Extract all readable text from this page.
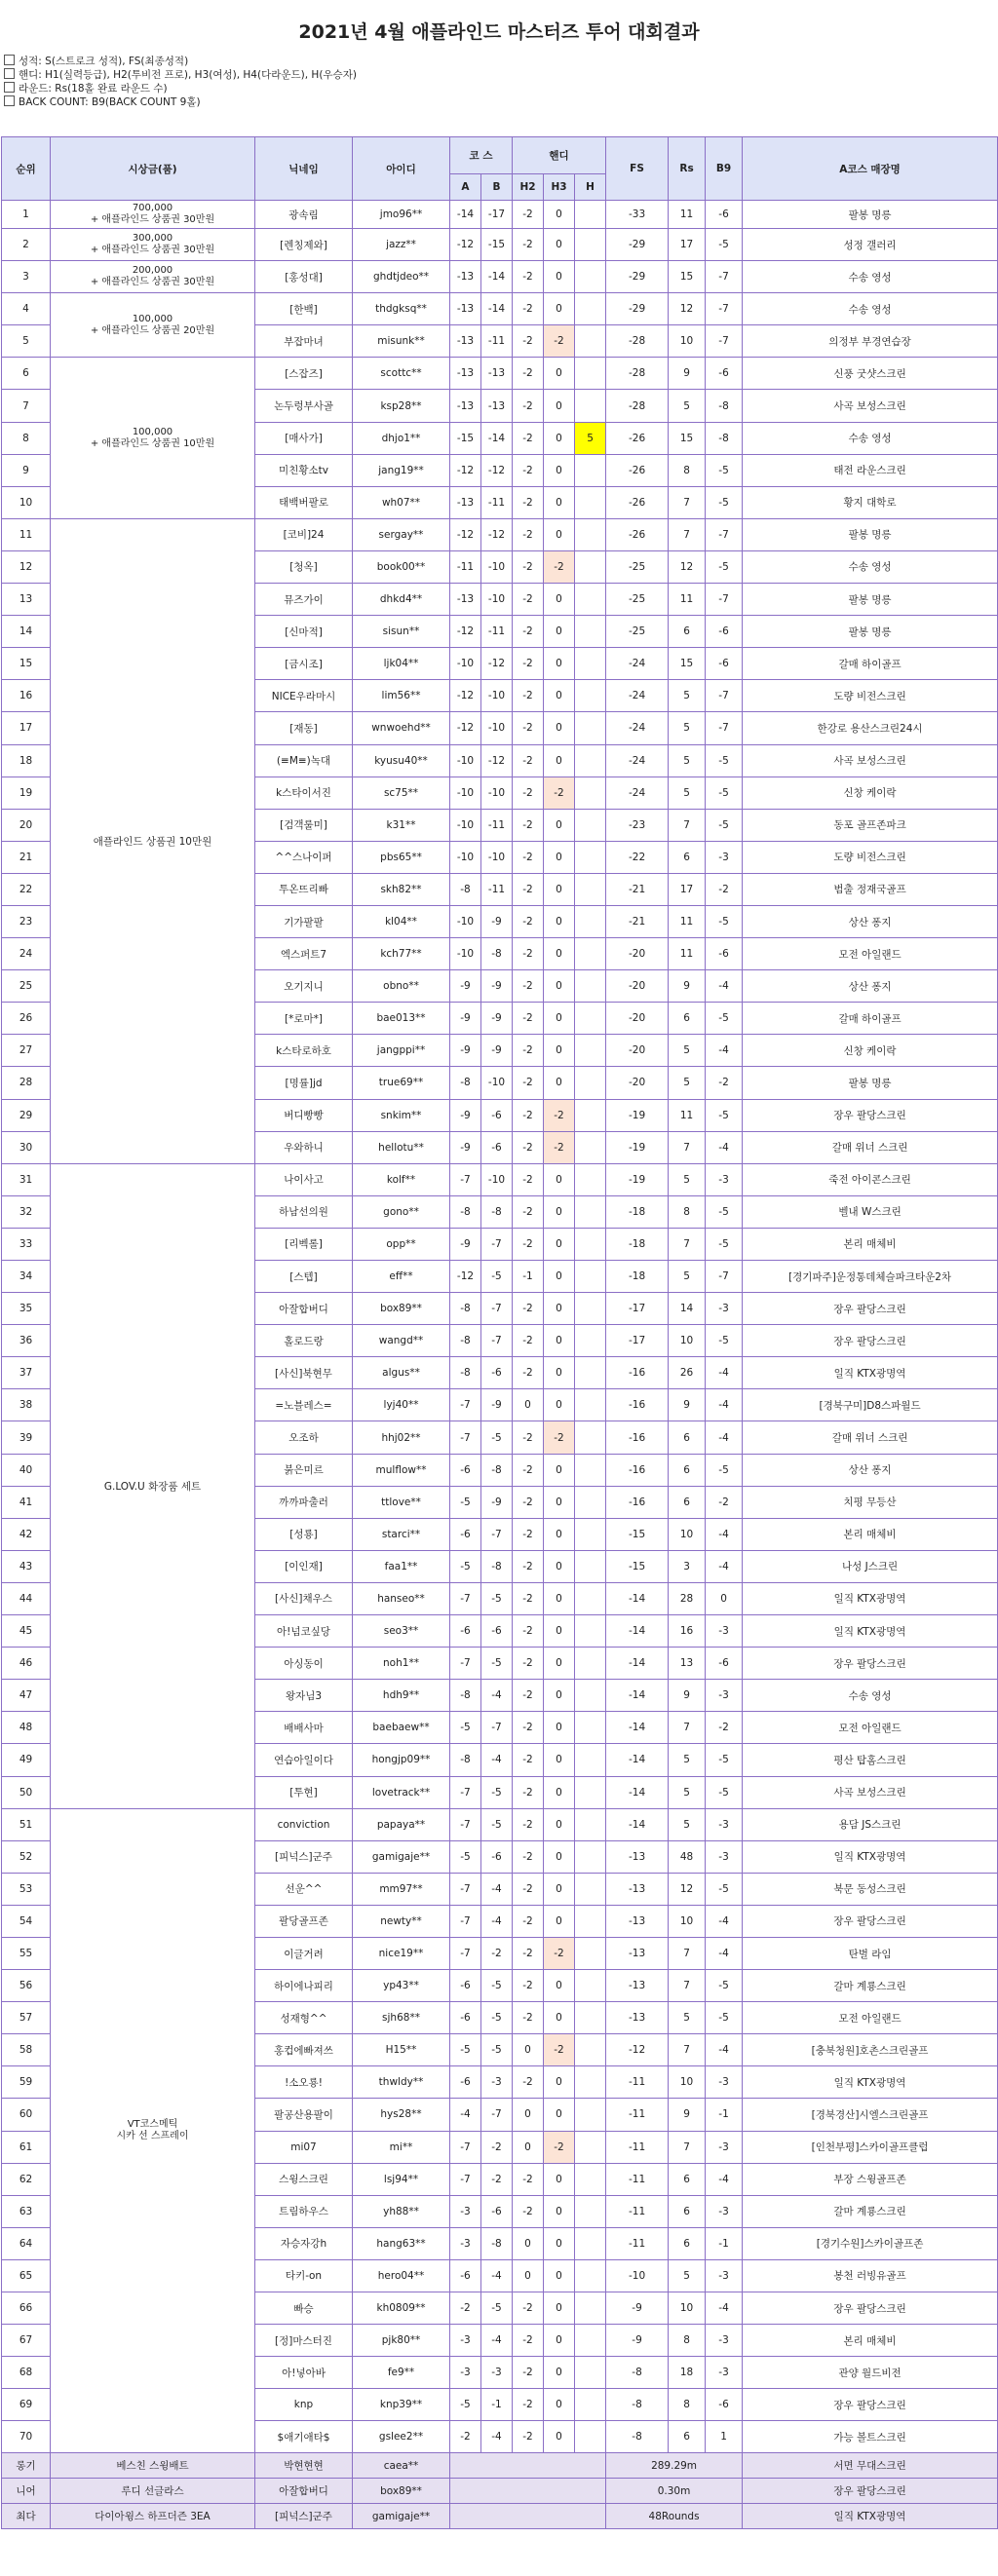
2021년 4월 애플라인드 마스터즈 투어 대회결과
성적: S(스트로크 성적), FS(최종성적)
핸디: H1(실력등급), H2(투비전 프로), H3(여성), H4(다라운드), H(우승자)
라운드: Rs(18홀 완료 라운드 수)
BACK COUNT: B9(BACK COUNT 9홀)
순위	시상금(품)	닉네임	아이디	코 스		핸디			FS	Rs	B9	A코스 매장명
				A	B	H2	H3	H				
1	700,000
+ 애플라인드 상품권 30만원	광속림	jmo96**	-14	-17	-2	0		-33	11	-6	팔봉 명릉
2	300,000
+ 애플라인드 상품권 30만원	[렌칭제와]	jazz**	-12	-15	-2	0		-29	17	-5	성정 갤러리
3	200,000
+ 애플라인드 상품권 30만원	[홍성대]	ghdtjdeo**	-13	-14	-2	0		-29	15	-7	수송 영성
4	100,000
+ 애플라인드 상품권 20만원	[한백]	thdgksq**	-13	-14	-2	0		-29	12	-7	수송 영성
5		부잡마녀	misunk**	-13	-11	-2	-2		-28	10	-7	의정부 부경연습장
6	100,000
+ 애플라인드 상품권 10만원	[스잡즈]	scottc**	-13	-13	-2	0		-28	9	-6	신풍 굿샷스크린
7		논두렁부사골	ksp28**	-13	-13	-2	0		-28	5	-8	사곡 보성스크린
8		[매사가]	dhjo1**	-15	-14	-2	0	5	-26	15	-8	수송 영성
9		미친황소tv	jang19**	-12	-12	-2	0		-26	8	-5	태전 라운스크린
10		태백버팔로	wh07**	-13	-11	-2	0		-26	7	-5	황지 대학로
11	애플라인드 상품권 10만원	[코비]24	sergay**	-12	-12	-2	0		-26	7	-7	팔봉 명릉
12		[청옥]	book00**	-11	-10	-2	-2		-25	12	-5	수송 영성
13		뮤즈가이	dhkd4**	-13	-10	-2	0		-25	11	-7	팔봉 명릉
14		[신마적]	sisun**	-12	-11	-2	0		-25	6	-6	팔봉 명릉
15		[금시조]	ljk04**	-10	-12	-2	0		-24	15	-6	갈매 하이골프
16		NICE우라마시	lim56**	-12	-10	-2	0		-24	5	-7	도량 비전스크린
17		[재동]	wnwoehd**	-12	-10	-2	0		-24	5	-7	한강로 용산스크린24시
18		(≡M≡)녹대	kyusu40**	-10	-12	-2	0		-24	5	-5	사곡 보성스크린
19		k스타이서진	sc75**	-10	-10	-2	-2		-24	5	-5	신창 케이락
20		[검객룰미]	k31**	-10	-11	-2	0		-23	7	-5	동포 골프존파크
21		^^스나이퍼	pbs65**	-10	-10	-2	0		-22	6	-3	도량 비전스크린
22		투온뜨리빠	skh82**	-8	-11	-2	0		-21	17	-2	범출 정재국골프
23		기가팔팔	kl04**	-10	-9	-2	0		-21	11	-5	상산 퐁지
24		엑스퍼트7	kch77**	-10	-8	-2	0		-20	11	-6	모전 아일랜드
25		오기지니	obno**	-9	-9	-2	0		-20	9	-4	상산 퐁지
26		[*로마*]	bae013**	-9	-9	-2	0		-20	6	-5	갈매 하이골프
27		k스타로하호	jangppi**	-9	-9	-2	0		-20	5	-4	신창 케이락
28		[명률]jd	true69**	-8	-10	-2	0		-20	5	-2	팔봉 명릉
29		버디빵빵	snkim**	-9	-6	-2	-2		-19	11	-5	장우 팔당스크린
30		우와하니	hellotu**	-9	-6	-2	-2		-19	7	-4	갈매 위너 스크린
31	G.LOV.U 화장품 세트	나이사고	kolf**	-7	-10	-2	0		-19	5	-3	죽전 아이콘스크린
32		하남선의원	gono**	-8	-8	-2	0		-18	8	-5	벨내 W스크린
33		[리벡롤]	opp**	-9	-7	-2	0		-18	7	-5	본리 매체비
34		[스텝]	eff**	-12	-5	-1	0		-18	5	-7	[경기파주]운정통데체슬파크타운2차
35		아잘합버디	box89**	-8	-7	-2	0		-17	14	-3	장우 팔당스크린
36		홀로드랑	wangd**	-8	-7	-2	0		-17	10	-5	장우 팔당스크린
37		[사신]북현무	algus**	-8	-6	-2	0		-16	26	-4	일직 KTX광명역
38		=노블레스=	lyj40**	-7	-9	0	0		-16	9	-4	[경북구미]D8스파월드
39		오조하	hhj02**	-7	-5	-2	-2		-16	6	-4	갈매 위너 스크린
40		붉은미르	mulflow**	-6	-8	-2	0		-16	6	-5	상산 퐁지
41		까까파출러	ttlove**	-5	-9	-2	0		-16	6	-2	치평 무등산
42		[성룡]	starci**	-6	-7	-2	0		-15	10	-4	본리 매체비
43		[이인재]	faa1**	-5	-8	-2	0		-15	3	-4	나성 J스크린
44		[사신]채우스	hanseo**	-7	-5	-2	0		-14	28	0	일직 KTX광명역
45		아!넘코싶당	seo3**	-6	-6	-2	0		-14	16	-3	일직 KTX광명역
46		아싱동이	noh1**	-7	-5	-2	0		-14	13	-6	장우 팔당스크린
47		왕자님3	hdh9**	-8	-4	-2	0		-14	9	-3	수송 영성
48		배배사마	baebaew**	-5	-7	-2	0		-14	7	-2	모전 아일랜드
49		연습아일이다	hongjp09**	-8	-4	-2	0		-14	5	-5	평산 탑홈스크린
50		[투현]	lovetrack**	-7	-5	-2	0		-14	5	-5	사곡 보성스크린
51	VT코스메틱
시카 선 스프레이	conviction	papaya**	-7	-5	-2	0		-14	5	-3	용담 JS스크린
52		[피넉스]군주	gamigaje**	-5	-6	-2	0		-13	48	-3	일직 KTX광명역
53		선운^^	mm97**	-7	-4	-2	0		-13	12	-5	북문 동성스크린
54		팔당골프존	newty**	-7	-4	-2	0		-13	10	-4	장우 팔당스크린
55		이글거려	nice19**	-7	-2	-2	-2		-13	7	-4	탄벌 라임
56		하이에나피리	yp43**	-6	-5	-2	0		-13	7	-5	갈마 계룡스크린
57		성재형^^	sjh68**	-6	-5	-2	0		-13	5	-5	모전 아일랜드
58		홍컵에빠져쓰	H15**	-5	-5	0	-2		-12	7	-4	[충북청원]호촌스크린골프
59		!소오룡!	thwldy**	-6	-3	-2	0		-11	10	-3	일직 KTX광명역
60		팔공산용팔이	hys28**	-4	-7	0	0		-11	9	-1	[경북경산]시엘스크린골프
61		mi07	mi**	-7	-2	0	-2		-11	7	-3	[인천부평]스카이골프클럽
62		스윙스크린	lsj94**	-7	-2	-2	0		-11	6	-4	부장 스윙골프존
63		트림하우스	yh88**	-3	-6	-2	0		-11	6	-3	갈마 계룡스크린
64		자승자강h	hang63**	-3	-8	0	0		-11	6	-1	[경기수원]스카이골프존
65		타키-on	hero04**	-6	-4	0	0		-10	5	-3	봉천 러빙유골프
66		빠승	kh0809**	-2	-5	-2	0		-9	10	-4	장우 팔당스크린
67		[정]마스터진	pjk80**	-3	-4	-2	0		-9	8	-3	본리 매체비
68		아!넣아바	fe9**	-3	-3	-2	0		-8	18	-3	관양 월드비전
69		knp	knp39**	-5	-1	-2	0		-8	8	-6	장우 팔당스크린
70		$애기애타$	gslee2**	-2	-4	-2	0		-8	6	1	가능 볼트스크린
롱기	베스친 스윙배트	박현현현	caea**						289.29m			서면 무대스크린
니어	루디 선글라스	아잘합버디	box89**						0.30m			장우 팔당스크린
최다	다이아윙스 하프더즌 3EA	[피넉스]군주	gamigaje**						48Rounds			일직 KTX광명역
